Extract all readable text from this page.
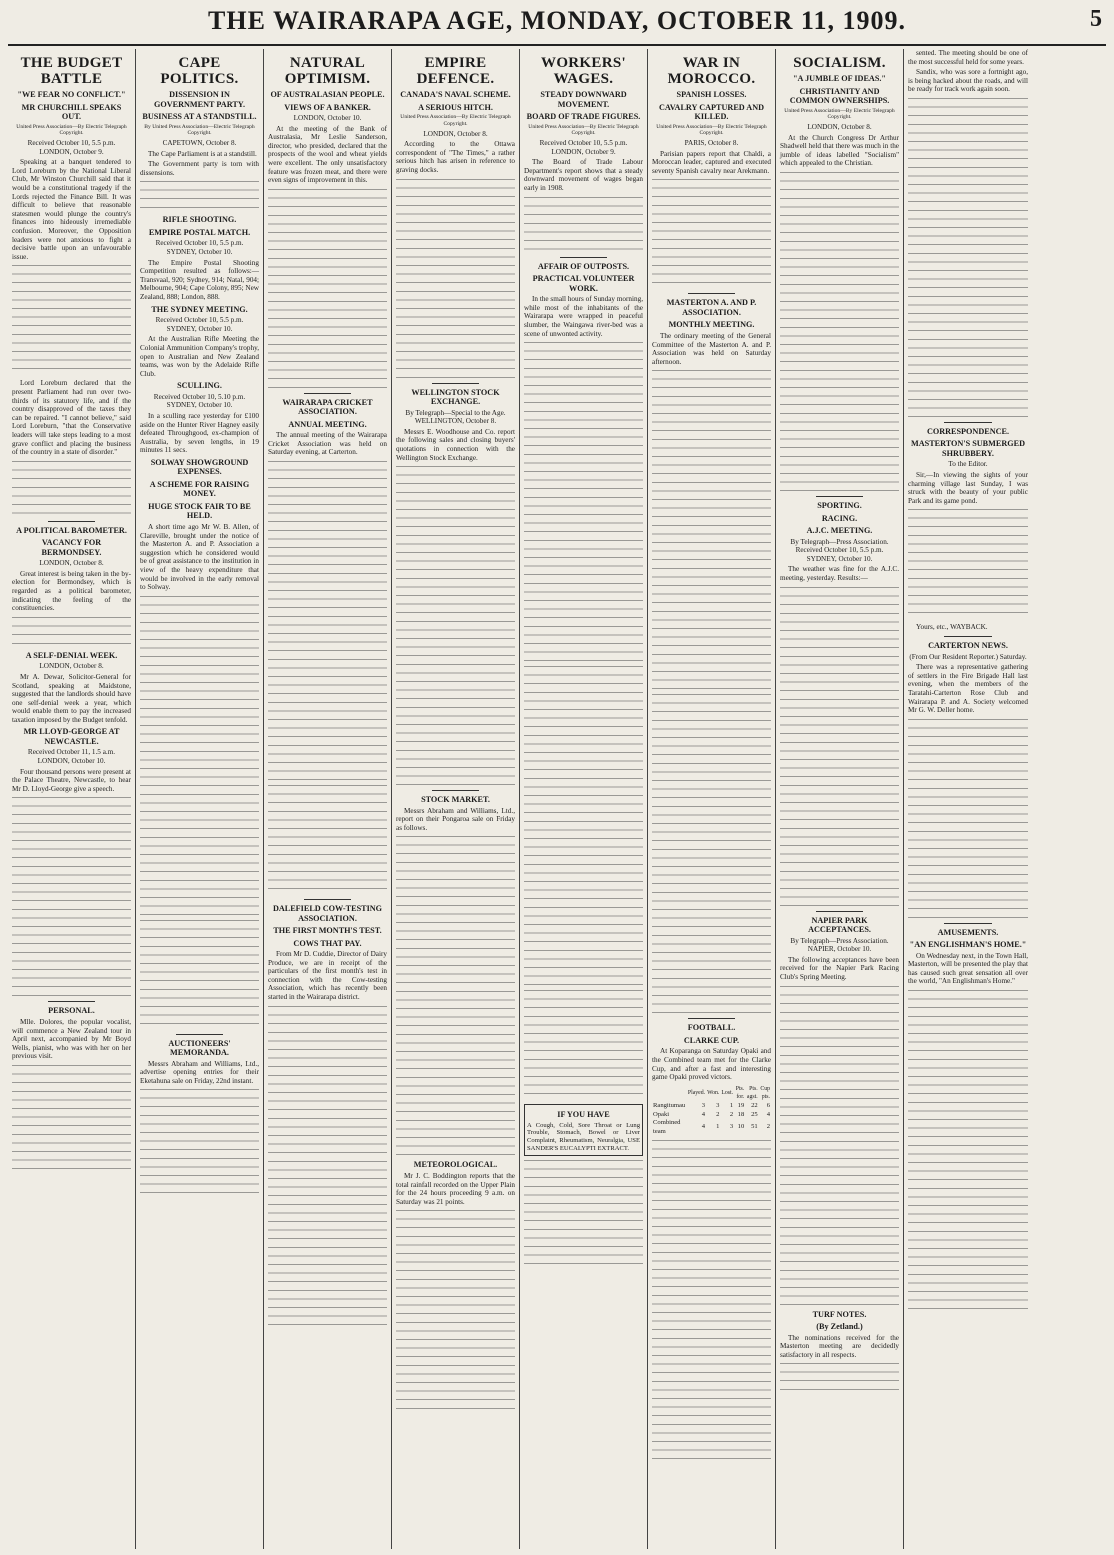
THE WAIRARAPA AGE, MONDAY, OCTOBER 11, 1909.	5
THE BUDGET BATTLE
"WE FEAR NO CONFLICT."
MR CHURCHILL SPEAKS OUT.
United Press Association—By Electric Telegraph Copyright.
Received October 10, 5.5 p.m. LONDON, October 9.

Speaking at a banquet tendered to Lord Loreburn by the National Liberal Club, Mr Winston Churchill said that it would be a constitutional tragedy if the Lords rejected the Finance Bill. It was difficult to believe that reasonable statesmen would plunge the country's finances into hideously irremediable confusion. Moreover, the Opposition leaders were not anxious to fight a decisive battle upon an unfavourable issue.

Lord Loreburn declared that the present Parliament had run over two-thirds of its statutory life, and if the country disapproved of the taxes they can be repaired. "I cannot believe," said Lord Loreburn, "that the Conservative leaders will take steps leading to a most grave conflict and placing the business of the country in a state of disorder."

A POLITICAL BAROMETER.
VACANCY FOR BERMONDSEY.
LONDON, October 8.

Great interest is being taken in the by-election for Bermondsey, which is regarded as a political barometer, indicating the feeling of the constituencies.

A SELF-DENIAL WEEK.
LONDON, October 8.

Mr A. Dewar, Solicitor-General for Scotland, speaking at Maidstone, suggested that the landlords should have one self-denial week a year, which would enable them to pay the increased taxation imposed by the Budget tenfold.

MR LLOYD-GEORGE AT NEWCASTLE.
Received October 11, 1.5 a.m. LONDON, October 10.

Four thousand persons were present at the Palace Theatre, Newcastle, to hear Mr D. Lloyd-George give a speech.

PERSONAL.

Mlle. Dolores, the popular vocalist, will commence a New Zealand tour in April next, accompanied by Mr Boyd Wells, pianist, who was with her on her previous visit.

CAPE POLITICS.
DISSENSION IN GOVERNMENT PARTY.
BUSINESS AT A STANDSTILL.
By United Press Association—Electric Telegraph Copyright.
CAPETOWN, October 8.

The Cape Parliament is at a standstill.

The Government party is torn with dissensions.

RIFLE SHOOTING.
EMPIRE POSTAL MATCH.
Received October 10, 5.5 p.m. SYDNEY, October 10.

The Empire Postal Shooting Competition resulted as follows:—Transvaal, 920; Sydney, 914; Natal, 904; Melbourne, 904; Cape Colony, 895; New Zealand, 888; London, 888.

THE SYDNEY MEETING.
Received October 10, 5.5 p.m. SYDNEY, October 10.

At the Australian Rifle Meeting the Colonial Ammunition Company's trophy, open to Australian and New Zealand teams, was won by the Adelaide Rifle Club.

SCULLING.
Received October 10, 5.10 p.m. SYDNEY, October 10.

In a sculling race yesterday for £100 aside on the Hunter River Hagney easily defeated Throughgood, ex-champion of Australia, by seven lengths, in 19 minutes 11 secs.

SOLWAY SHOWGROUND EXPENSES.
A SCHEME FOR RAISING MONEY.
HUGE STOCK FAIR TO BE HELD.

A short time ago Mr W. B. Allen, of Clareville, brought under the notice of the Masterton A. and P. Association a suggestion which he considered would be of great assistance to the institution in view of the heavy expenditure that would be involved in the early removal to Solway.

AUCTIONEERS' MEMORANDA.

Messrs Abraham and Williams, Ltd., advertise opening entries for their Eketahuna sale on Friday, 22nd instant.

NATURAL OPTIMISM.
OF AUSTRALASIAN PEOPLE.
VIEWS OF A BANKER.
LONDON, October 10.

At the meeting of the Bank of Australasia, Mr Leslie Sanderson, director, who presided, declared that the prospects of the wool and wheat yields were excellent. The only unsatisfactory feature was frozen meat, and there were even signs of improvement in this.

WAIRARAPA CRICKET ASSOCIATION.
ANNUAL MEETING.

The annual meeting of the Wairarapa Cricket Association was held on Saturday evening, at Carterton.

DALEFIELD COW-TESTING ASSOCIATION.
THE FIRST MONTH'S TEST.
COWS THAT PAY.

From Mr D. Cuddie, Director of Dairy Produce, we are in receipt of the particulars of the first month's test in connection with the Cow-testing Association, which has recently been started in the Wairarapa district.

EMPIRE DEFENCE.
CANADA'S NAVAL SCHEME.
A SERIOUS HITCH.
United Press Association—By Electric Telegraph Copyright.
LONDON, October 8.

According to the Ottawa correspondent of "The Times," a rather serious hitch has arisen in reference to graving docks.

WELLINGTON STOCK EXCHANGE.
By Telegraph—Special to the Age. WELLINGTON, October 8.

Messrs E. Woodhouse and Co. report the following sales and closing buyers' quotations in connection with the Wellington Stock Exchange.

STOCK MARKET.

Messrs Abraham and Williams, Ltd., report on their Pongaroa sale on Friday as follows.

METEOROLOGICAL.

Mr J. C. Boddington reports that the total rainfall recorded on the Upper Plain for the 24 hours proceeding 9 a.m. on Saturday was 21 points.

WORKERS' WAGES.
STEADY DOWNWARD MOVEMENT.
BOARD OF TRADE FIGURES.
United Press Association—By Electric Telegraph Copyright.
Received October 10, 5.5 p.m. LONDON, October 9.

The Board of Trade Labour Department's report shows that a steady downward movement of wages began early in 1908.

AFFAIR OF OUTPOSTS.
PRACTICAL VOLUNTEER WORK.

In the small hours of Sunday morning, while most of the inhabitants of the Wairarapa were wrapped in peaceful slumber, the Waingawa river-bed was a scene of unwonted activity.

IF YOU HAVE
A Cough, Cold, Sore Throat or Lung Trouble, Stomach, Bowel or Liver Complaint, Rheumatism, Neuralgia, USE SANDER'S EUCALYPTI EXTRACT.
WAR IN MOROCCO.
SPANISH LOSSES.
CAVALRY CAPTURED AND KILLED.
United Press Association—By Electric Telegraph Copyright.
PARIS, October 8.

Parisian papers report that Chaldi, a Moroccan leader, captured and executed seventy Spanish cavalry near Arekmann.

MASTERTON A. AND P. ASSOCIATION.
MONTHLY MEETING.

The ordinary meeting of the General Committee of the Masterton A. and P. Association was held on Saturday afternoon.

FOOTBALL.
CLARKE CUP.

At Koparanga on Saturday Opaki and the Combined team met for the Clarke Cup, and after a fast and interesting game Opaki proved victors.

	Played.	Won.	Lost.	Pts. for.	Pts. agst.	Cup pts.
Rangitumau	3	3	1	19	22	6
Opaki	4	2	2	18	25	4
Combined team	4	1	3	10	51	2
SOCIALISM.
"A JUMBLE OF IDEAS."
CHRISTIANITY AND COMMON OWNERSHIPS.
United Press Association—By Electric Telegraph Copyright.
LONDON, October 8.

At the Church Congress Dr Arthur Shadwell held that there was much in the jumble of ideas labelled "Socialism" which appealed to the Christian.

SPORTING.
RACING.
A.J.C. MEETING.
By Telegraph—Press Association. Received October 10, 5.5 p.m. SYDNEY, October 10.

The weather was fine for the A.J.C. meeting, yesterday. Results:—

NAPIER PARK ACCEPTANCES.
By Telegraph—Press Association. NAPIER, October 10.

The following acceptances have been received for the Napier Park Racing Club's Spring Meeting.

TURF NOTES.
(By Zetland.)

The nominations received for the Masterton meeting are decidedly satisfactory in all respects.

sented. The meeting should be one of the most successful held for some years.

Sandix, who was sore a fortnight ago, is being hacked about the roads, and will be ready for track work again soon.

CORRESPONDENCE.
MASTERTON'S SUBMERGED SHRUBBERY.
To the Editor.

Sir,—In viewing the sights of your charming village last Sunday, I was struck with the beauty of your public Park and its game pond.

Yours, etc., WAYBACK.

CARTERTON NEWS.
(From Our Resident Reporter.) Saturday.

There was a representative gathering of settlers in the Fire Brigade Hall last evening, when the members of the Taratahi-Carterton Rose Club and Wairarapa P. and A. Society welcomed Mr G. W. Deller home.

AMUSEMENTS.
"AN ENGLISHMAN'S HOME."

On Wednesday next, in the Town Hall, Masterton, will be presented the play that has caused such great sensation all over the world, "An Englishman's Home."
